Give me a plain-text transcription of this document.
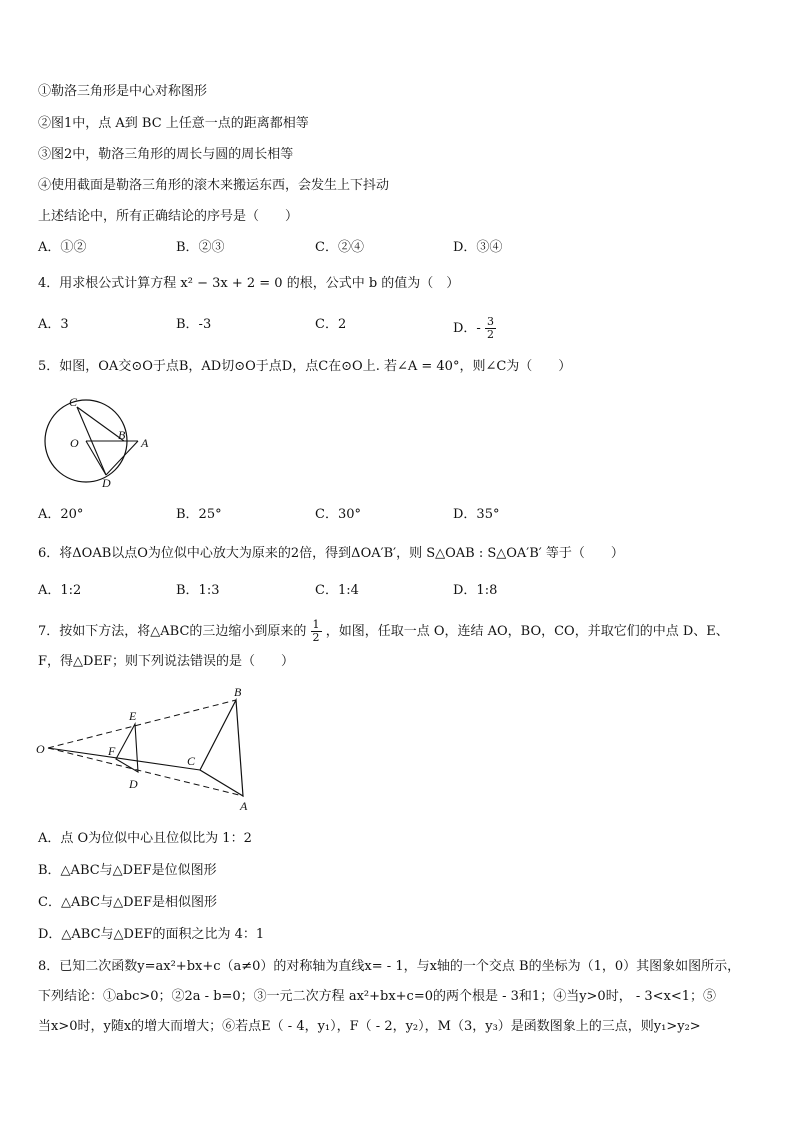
①勒洛三角形是中心对称图形
②图1中，点 A到 BC 上任意一点的距离都相等
③图2中，勒洛三角形的周长与圆的周长相等
④使用截面是勒洛三角形的滚木来搬运东西，会发生上下抖动
上述结论中，所有正确结论的序号是（　　）
A．①②	B．②③	C．②④	D．③④
4．用求根公式计算方程 x² − 3x + 2 = 0 的根，公式中 b 的值为（　）
A．3	B．-3	C．2	D．- $\frac{3}{2}$
5．如图，OA交⊙O于点B，AD切⊙O于点D，点C在⊙O上. 若∠A = 40°，则∠C为（　　）
C
O
B
A
D
A．20°	B．25°	C．30°	D．35°
6．将ΔOAB以点O为位似中心放大为原来的2倍，得到ΔOA′B′，则 S△OAB : S△OA′B′ 等于（　　）
A．1:2	B．1:3	C．1:4	D．1:8
7．按如下方法，将△ABC的三边缩小到原来的 $\frac{1}{2}$ ，如图，任取一点 O，连结 AO，BO，CO，并取它们的中点 D、E、
F，得△DEF；则下列说法错误的是（　　）
O
E
F
D
B
C
A
A．点 O为位似中心且位似比为 1：2
B．△ABC与△DEF是位似图形
C．△ABC与△DEF是相似图形
D．△ABC与△DEF的面积之比为 4：1
8．已知二次函数y=ax²+bx+c（a≠0）的对称轴为直线x= - 1，与x轴的一个交点 B的坐标为（1，0）其图象如图所示，
下列结论：①abc>0；②2a - b=0；③一元二次方程 ax²+bx+c=0的两个根是 - 3和1；④当y>0时， - 3<x<1；⑤
当x>0时，y随x的增大而增大；⑥若点E（ - 4，y₁），F（ - 2，y₂），M（3，y₃）是函数图象上的三点，则y₁>y₂>
